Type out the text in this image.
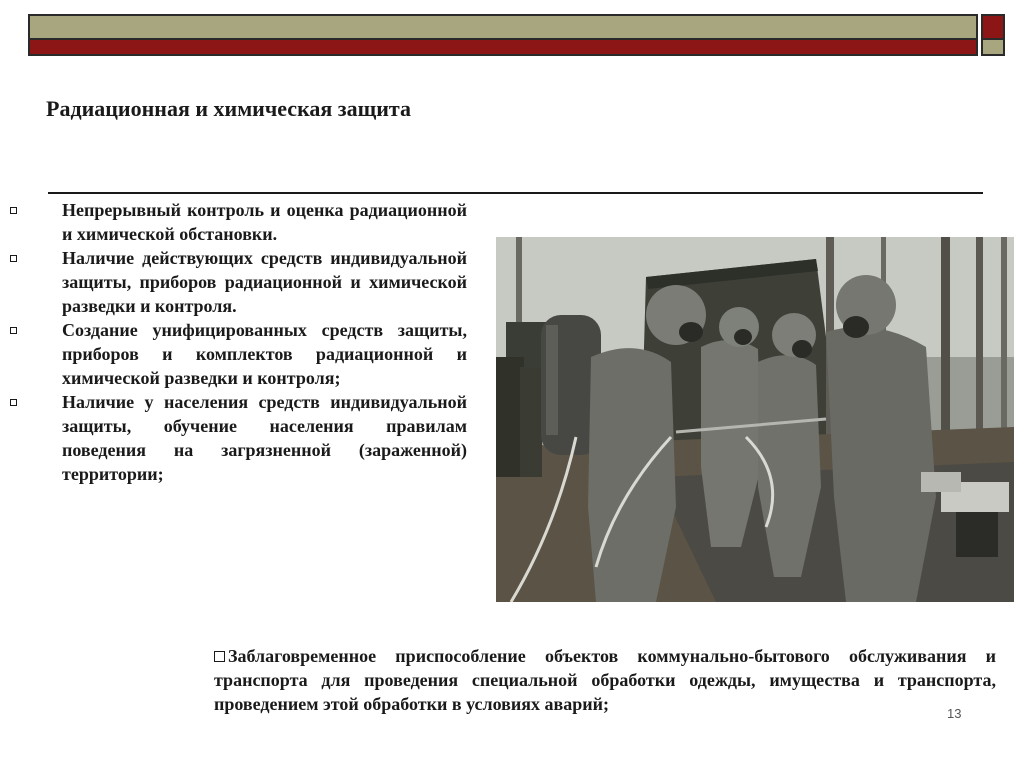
Радиационная и химическая защита
Непрерывный контроль и оценка радиационной и химической обстановки.
Наличие действующих средств индивидуальной защиты, приборов радиационной и химической разведки и контроля.
Создание унифицированных средств защиты, приборов и комплектов радиационной и химической разведки и контроля;
Наличие у населения средств индивидуальной защиты, обучение населения правилам поведения на загрязненной (зараженной) территории;
Заблаговременное приспособление объектов коммунально-бытового обслуживания и транспорта для проведения специальной обработки одежды, имущества и транспорта, проведением этой обработки в условиях аварий;	13
